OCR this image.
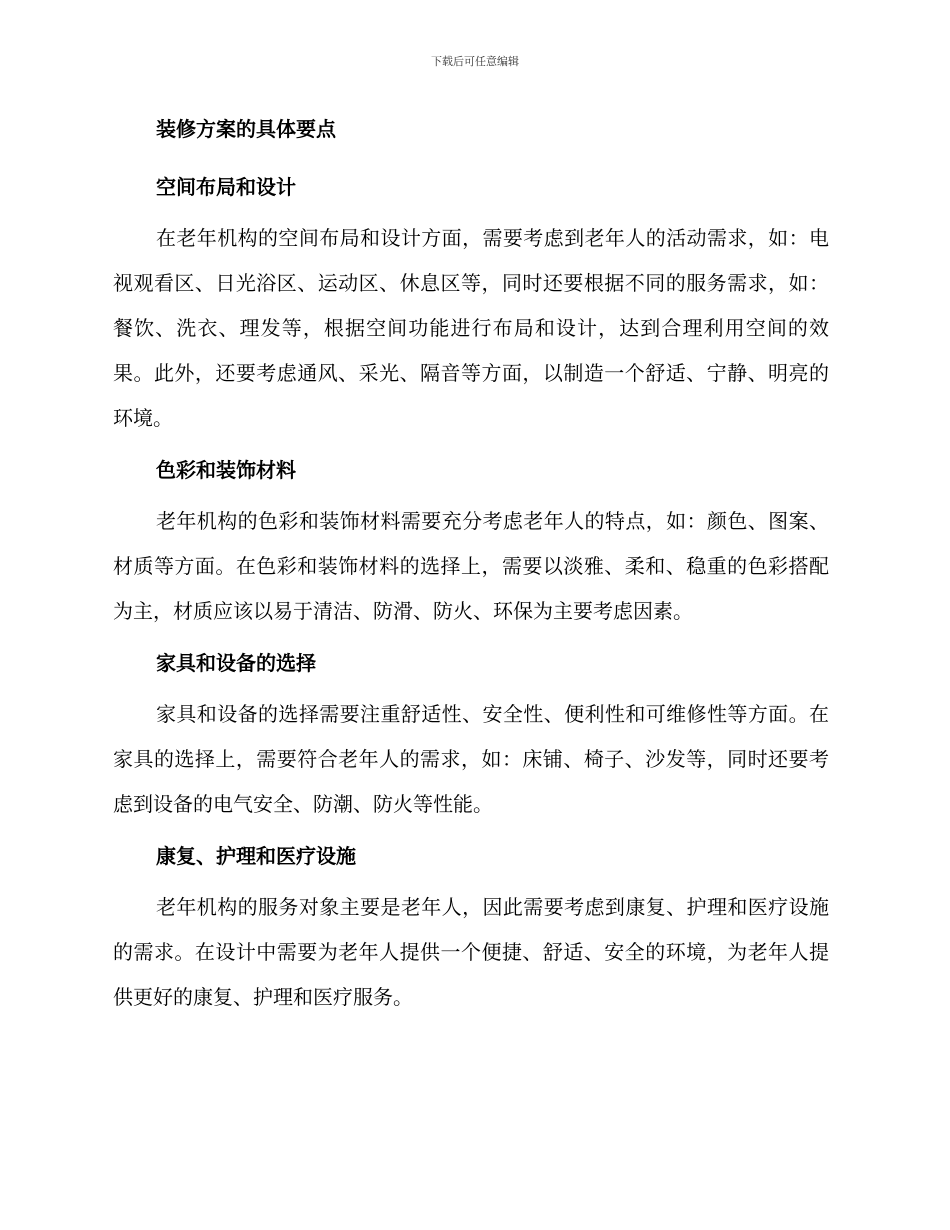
下载后可任意编辑
装修方案的具体要点
空间布局和设计

在老年机构的空间布局和设计方面，需要考虑到老年人的活动需求，如：电视观看区、日光浴区、运动区、休息区等，同时还要根据不同的服务需求，如：餐饮、洗衣、理发等，根据空间功能进行布局和设计，达到合理利用空间的效果。此外，还要考虑通风、采光、隔音等方面，以制造一个舒适、宁静、明亮的环境。

色彩和装饰材料

老年机构的色彩和装饰材料需要充分考虑老年人的特点，如：颜色、图案、材质等方面。在色彩和装饰材料的选择上，需要以淡雅、柔和、稳重的色彩搭配为主，材质应该以易于清洁、防滑、防火、环保为主要考虑因素。

家具和设备的选择

家具和设备的选择需要注重舒适性、安全性、便利性和可维修性等方面。在家具的选择上，需要符合老年人的需求，如：床铺、椅子、沙发等，同时还要考虑到设备的电气安全、防潮、防火等性能。

康复、护理和医疗设施

老年机构的服务对象主要是老年人，因此需要考虑到康复、护理和医疗设施的需求。在设计中需要为老年人提供一个便捷、舒适、安全的环境，为老年人提供更好的康复、护理和医疗服务。
